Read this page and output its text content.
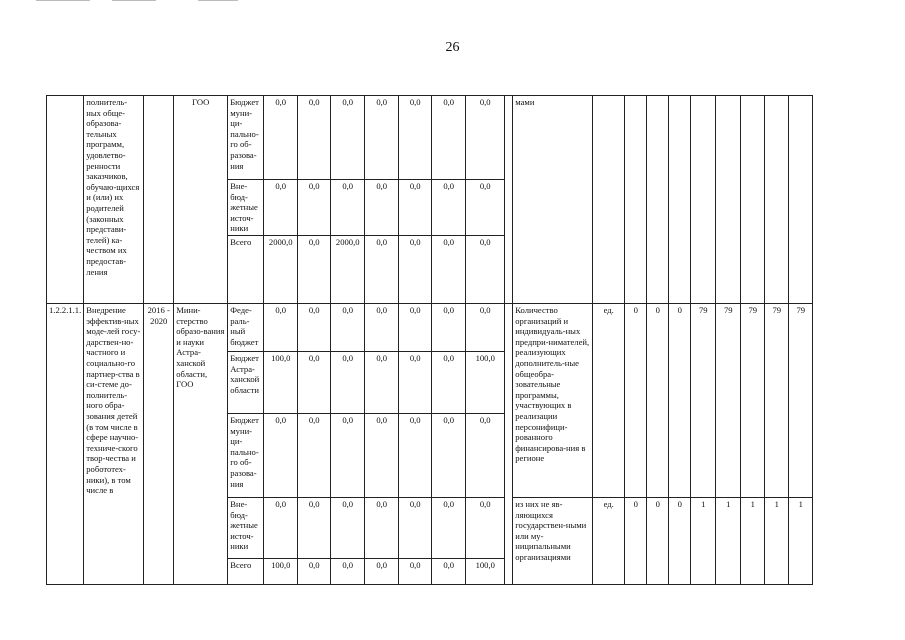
26
	полнитель-ных обще-образова-тельных программ, удовлетво-ренности заказчиков, обучаю-щихся и (или) их родителей (законных представи-телей) ка-чеством их предостав-ления		ГОО	Бюджет муни-ци-пально-го об-разова-ния	0,0	0,0	0,0	0,0	0,0	0,0	0,0		мами									
				Вне-бюд-жетные источ-ники	0,0	0,0	0,0	0,0	0,0	0,0	0,0											
				Всего	2000,0	0,0	2000,0	0,0	0,0	0,0	0,0											
1.2.2.1.1.	Внедрение эффектив-ных моде-лей госу-дарствен-но-частного и социально-го партнер-ства в си-стеме до-полнитель-ного обра-зования детей (в том числе в сфере научно-техниче-ского твор-чества и робототех-ники), в том числе в	2016 - 2020	Мини-стерство образо-вания и науки Астра-ханской области, ГОО	Феде-раль-ный бюджет	0,0	0,0	0,0	0,0	0,0	0,0	0,0		Количество организаций и индивидуаль-ных предпри-нимателей, реализующих дополнитель-ные общеобра-зовательные программы, участвующих в реализации персонифици-рованного финансирова-ния в регионе	ед.	0	0	0	79	79	79	79	79
				Бюджет Астра-ханской области	100,0	0,0	0,0	0,0	0,0	0,0	100,0											
				Бюджет муни-ци-пально-го об-разова-ния	0,0	0,0	0,0	0,0	0,0	0,0	0,0											
				Вне-бюд-жетные источ-ники	0,0	0,0	0,0	0,0	0,0	0,0	0,0		из них не яв-ляющихся государствен-ными или му-ниципальными организациями	ед.	0	0	0	1	1	1	1	1
				Всего	100,0	0,0	0,0	0,0	0,0	0,0	100,0											
